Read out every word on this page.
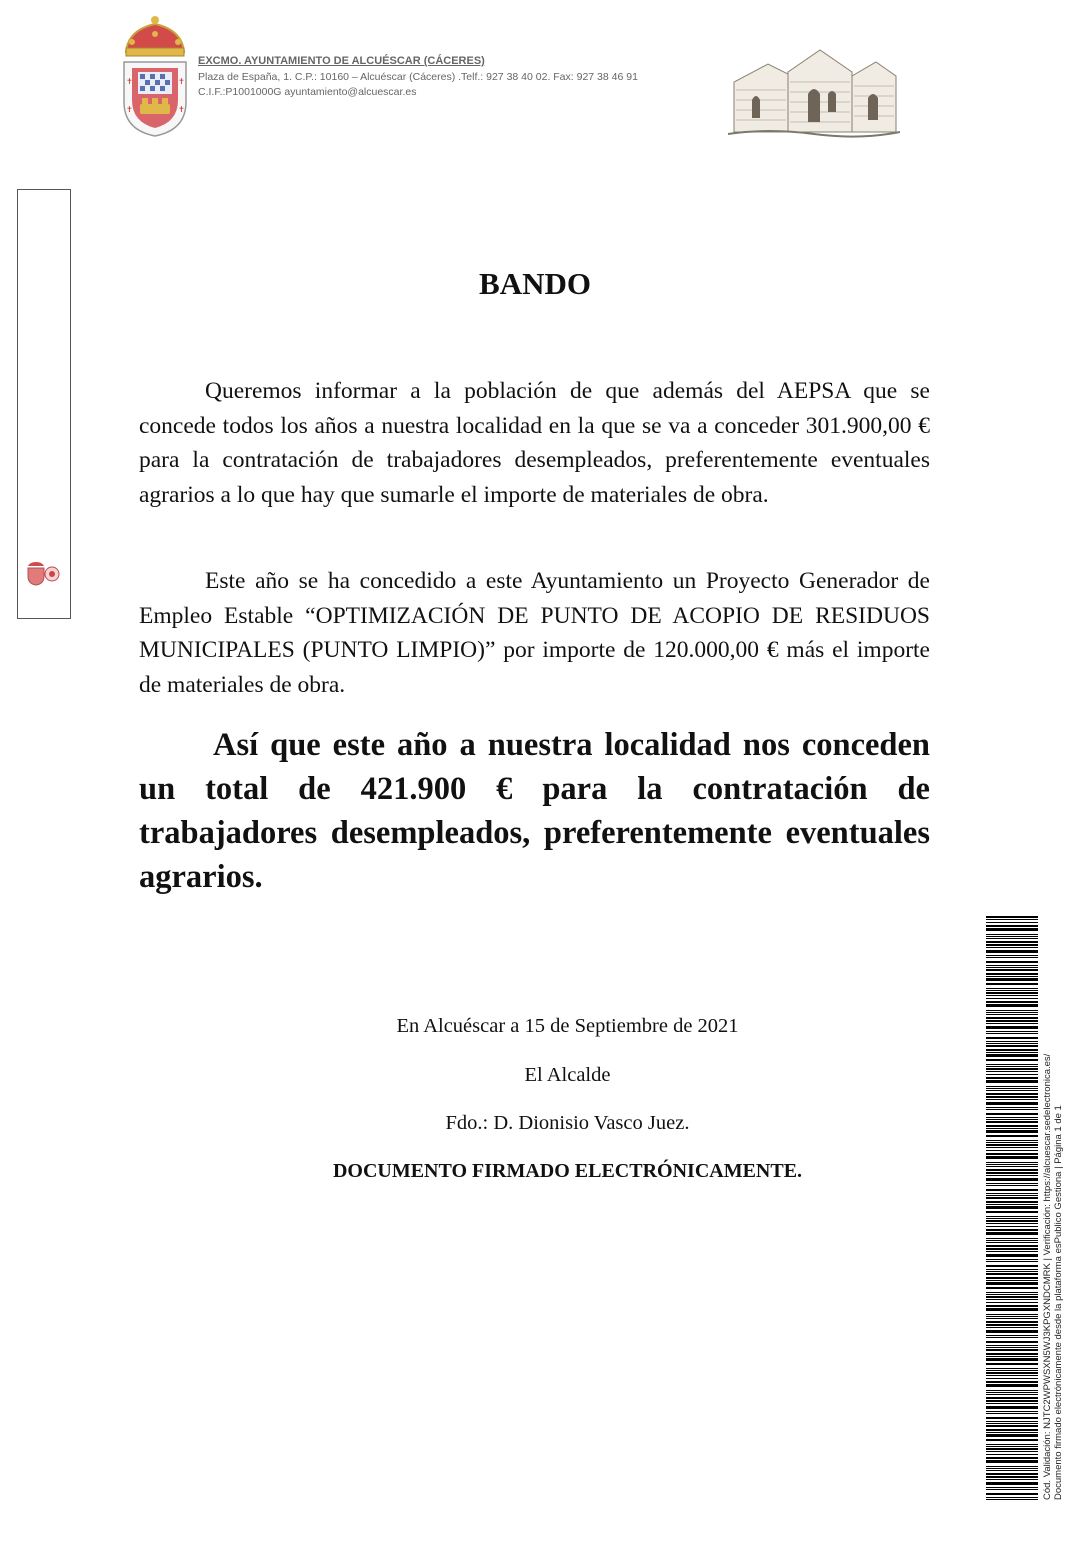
✝	✝
✝	✝
EXCMO. AYUNTAMIENTO DE ALCUÉSCAR (CÁCERES)
Plaza de España, 1. C.P.: 10160 – Alcuéscar (Cáceres) .Telf.: 927 38 40 02. Fax: 927 38 46 91
C.I.F.:P1001000G ayuntamiento@alcuescar.es
BANDO

Queremos informar a la población de que además del AEPSA que se concede todos los años a nuestra localidad en la que se va a conceder 301.900,00 € para la contratación de trabajadores desempleados, preferentemente eventuales agrarios a lo que hay que sumarle el importe de materiales de obra.

Este año se ha concedido a este Ayuntamiento un Proyecto Generador de Empleo Estable “OPTIMIZACIÓN DE PUNTO DE ACOPIO DE RESIDUOS MUNICIPALES (PUNTO LIMPIO)” por importe de 120.000,00 € más el importe de materiales de obra.

Así que este año a nuestra localidad nos conceden un total de 421.900 € para la contratación de trabajadores desempleados, preferentemente eventuales agrarios.

En Alcuéscar a 15 de Septiembre de 2021
El Alcalde
Fdo.: D. Dionisio Vasco Juez.
DOCUMENTO FIRMADO ELECTRÓNICAMENTE.	Cód. Validación: NJTC2WPWSXN5WJ3KPGXNDCMRK | Verificación: https://alcuescar.sedelectronica.es/ Documento firmado electrónicamente desde la plataforma esPublico Gestiona | Página 1 de 1
